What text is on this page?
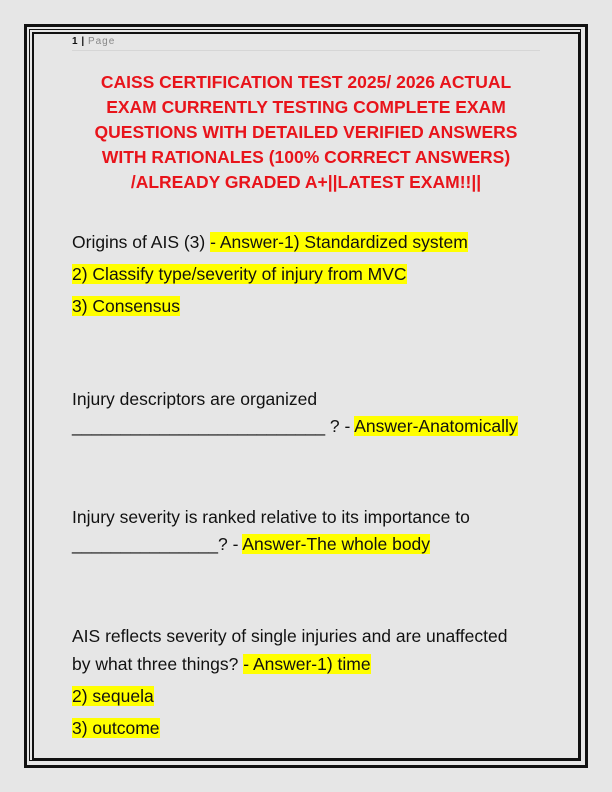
1 | Page
CAISS CERTIFICATION TEST 2025/ 2026 ACTUAL
EXAM CURRENTLY TESTING COMPLETE EXAM
QUESTIONS WITH DETAILED VERIFIED ANSWERS
WITH RATIONALES (100% CORRECT ANSWERS)
/ALREADY GRADED A+||LATEST EXAM!!||
Origins of AIS (3) - Answer-1) Standardized system
2) Classify type/severity of injury from MVC
3) Consensus
Injury descriptors are organized
__________________________ ? - Answer-Anatomically
Injury severity is ranked relative to its importance to
_______________? - Answer-The whole body
AIS reflects severity of single injuries and are unaffected
by what three things? - Answer-1) time
2) sequela
3) outcome
